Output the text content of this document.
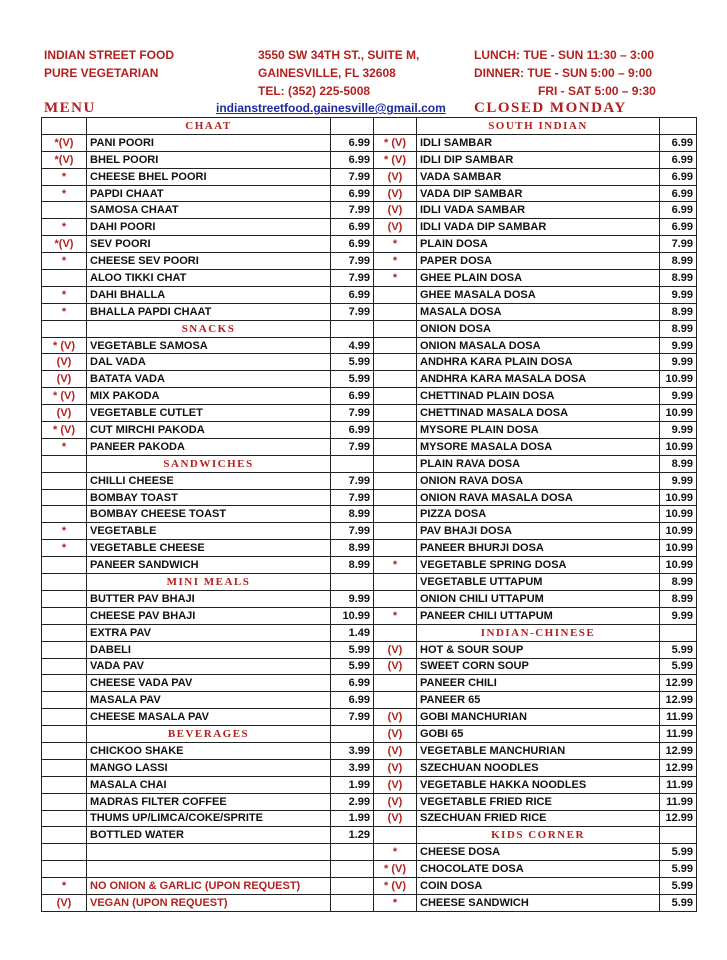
INDIAN STREET FOOD
PURE VEGETARIAN
3550 SW 34TH ST., SUITE M,
GAINESVILLE, FL 32608
TEL: (352) 225-5008
indianstreetfood.gainesville@gmail.com
LUNCH: TUE - SUN 11:30 – 3:00
DINNER: TUE - SUN 5:00 – 9:00
FRI - SAT 5:00 – 9:30
MENU	CLOSED MONDAY
	CHAAT			SOUTH INDIAN	
*(V)	PANI POORI	6.99	* (V)	IDLI SAMBAR	6.99
*(V)	BHEL POORI	6.99	* (V)	IDLI DIP SAMBAR	6.99
*	CHEESE BHEL POORI	7.99	(V)	VADA SAMBAR	6.99
*	PAPDI CHAAT	6.99	(V)	VADA DIP SAMBAR	6.99
	SAMOSA CHAAT	7.99	(V)	IDLI VADA SAMBAR	6.99
*	DAHI POORI	6.99	(V)	IDLI VADA DIP SAMBAR	6.99
*(V)	SEV POORI	6.99	*	PLAIN DOSA	7.99
*	CHEESE SEV POORI	7.99	*	PAPER DOSA	8.99
	ALOO TIKKI CHAT	7.99	*	GHEE PLAIN DOSA	8.99
*	DAHI BHALLA	6.99		GHEE MASALA DOSA	9.99
*	BHALLA PAPDI CHAAT	7.99		MASALA DOSA	8.99
	SNACKS			ONION DOSA	8.99
* (V)	VEGETABLE SAMOSA	4.99		ONION MASALA DOSA	9.99
(V)	DAL VADA	5.99		ANDHRA KARA PLAIN DOSA	9.99
(V)	BATATA VADA	5.99		ANDHRA KARA MASALA DOSA	10.99
* (V)	MIX PAKODA	6.99		CHETTINAD PLAIN DOSA	9.99
(V)	VEGETABLE CUTLET	7.99		CHETTINAD MASALA DOSA	10.99
* (V)	CUT MIRCHI PAKODA	6.99		MYSORE PLAIN DOSA	9.99
*	PANEER PAKODA	7.99		MYSORE MASALA DOSA	10.99
	SANDWICHES			PLAIN RAVA DOSA	8.99
	CHILLI CHEESE	7.99		ONION RAVA DOSA	9.99
	BOMBAY TOAST	7.99		ONION RAVA MASALA DOSA	10.99
	BOMBAY CHEESE TOAST	8.99		PIZZA DOSA	10.99
*	VEGETABLE	7.99		PAV BHAJI DOSA	10.99
*	VEGETABLE CHEESE	8.99		PANEER BHURJI DOSA	10.99
	PANEER SANDWICH	8.99	*	VEGETABLE SPRING DOSA	10.99
	MINI MEALS			VEGETABLE UTTAPUM	8.99
	BUTTER PAV BHAJI	9.99		ONION CHILI UTTAPUM	8.99
	CHEESE PAV BHAJI	10.99	*	PANEER CHILI UTTAPUM	9.99
	EXTRA PAV	1.49		INDIAN-CHINESE	
	DABELI	5.99	(V)	HOT & SOUR SOUP	5.99
	VADA PAV	5.99	(V)	SWEET CORN SOUP	5.99
	CHEESE VADA PAV	6.99		PANEER CHILI	12.99
	MASALA PAV	6.99		PANEER 65	12.99
	CHEESE MASALA PAV	7.99	(V)	GOBI MANCHURIAN	11.99
	BEVERAGES		(V)	GOBI 65	11.99
	CHICKOO SHAKE	3.99	(V)	VEGETABLE MANCHURIAN	12.99
	MANGO LASSI	3.99	(V)	SZECHUAN NOODLES	12.99
	MASALA CHAI	1.99	(V)	VEGETABLE HAKKA NOODLES	11.99
	MADRAS FILTER COFFEE	2.99	(V)	VEGETABLE FRIED RICE	11.99
	THUMS UP/LIMCA/COKE/SPRITE	1.99	(V)	SZECHUAN FRIED RICE	12.99
	BOTTLED WATER	1.29		KIDS CORNER	
			*	CHEESE DOSA	5.99
			* (V)	CHOCOLATE DOSA	5.99
*	NO ONION & GARLIC (UPON REQUEST)		* (V)	COIN DOSA	5.99
(V)	VEGAN (UPON REQUEST)		*	CHEESE SANDWICH	5.99
